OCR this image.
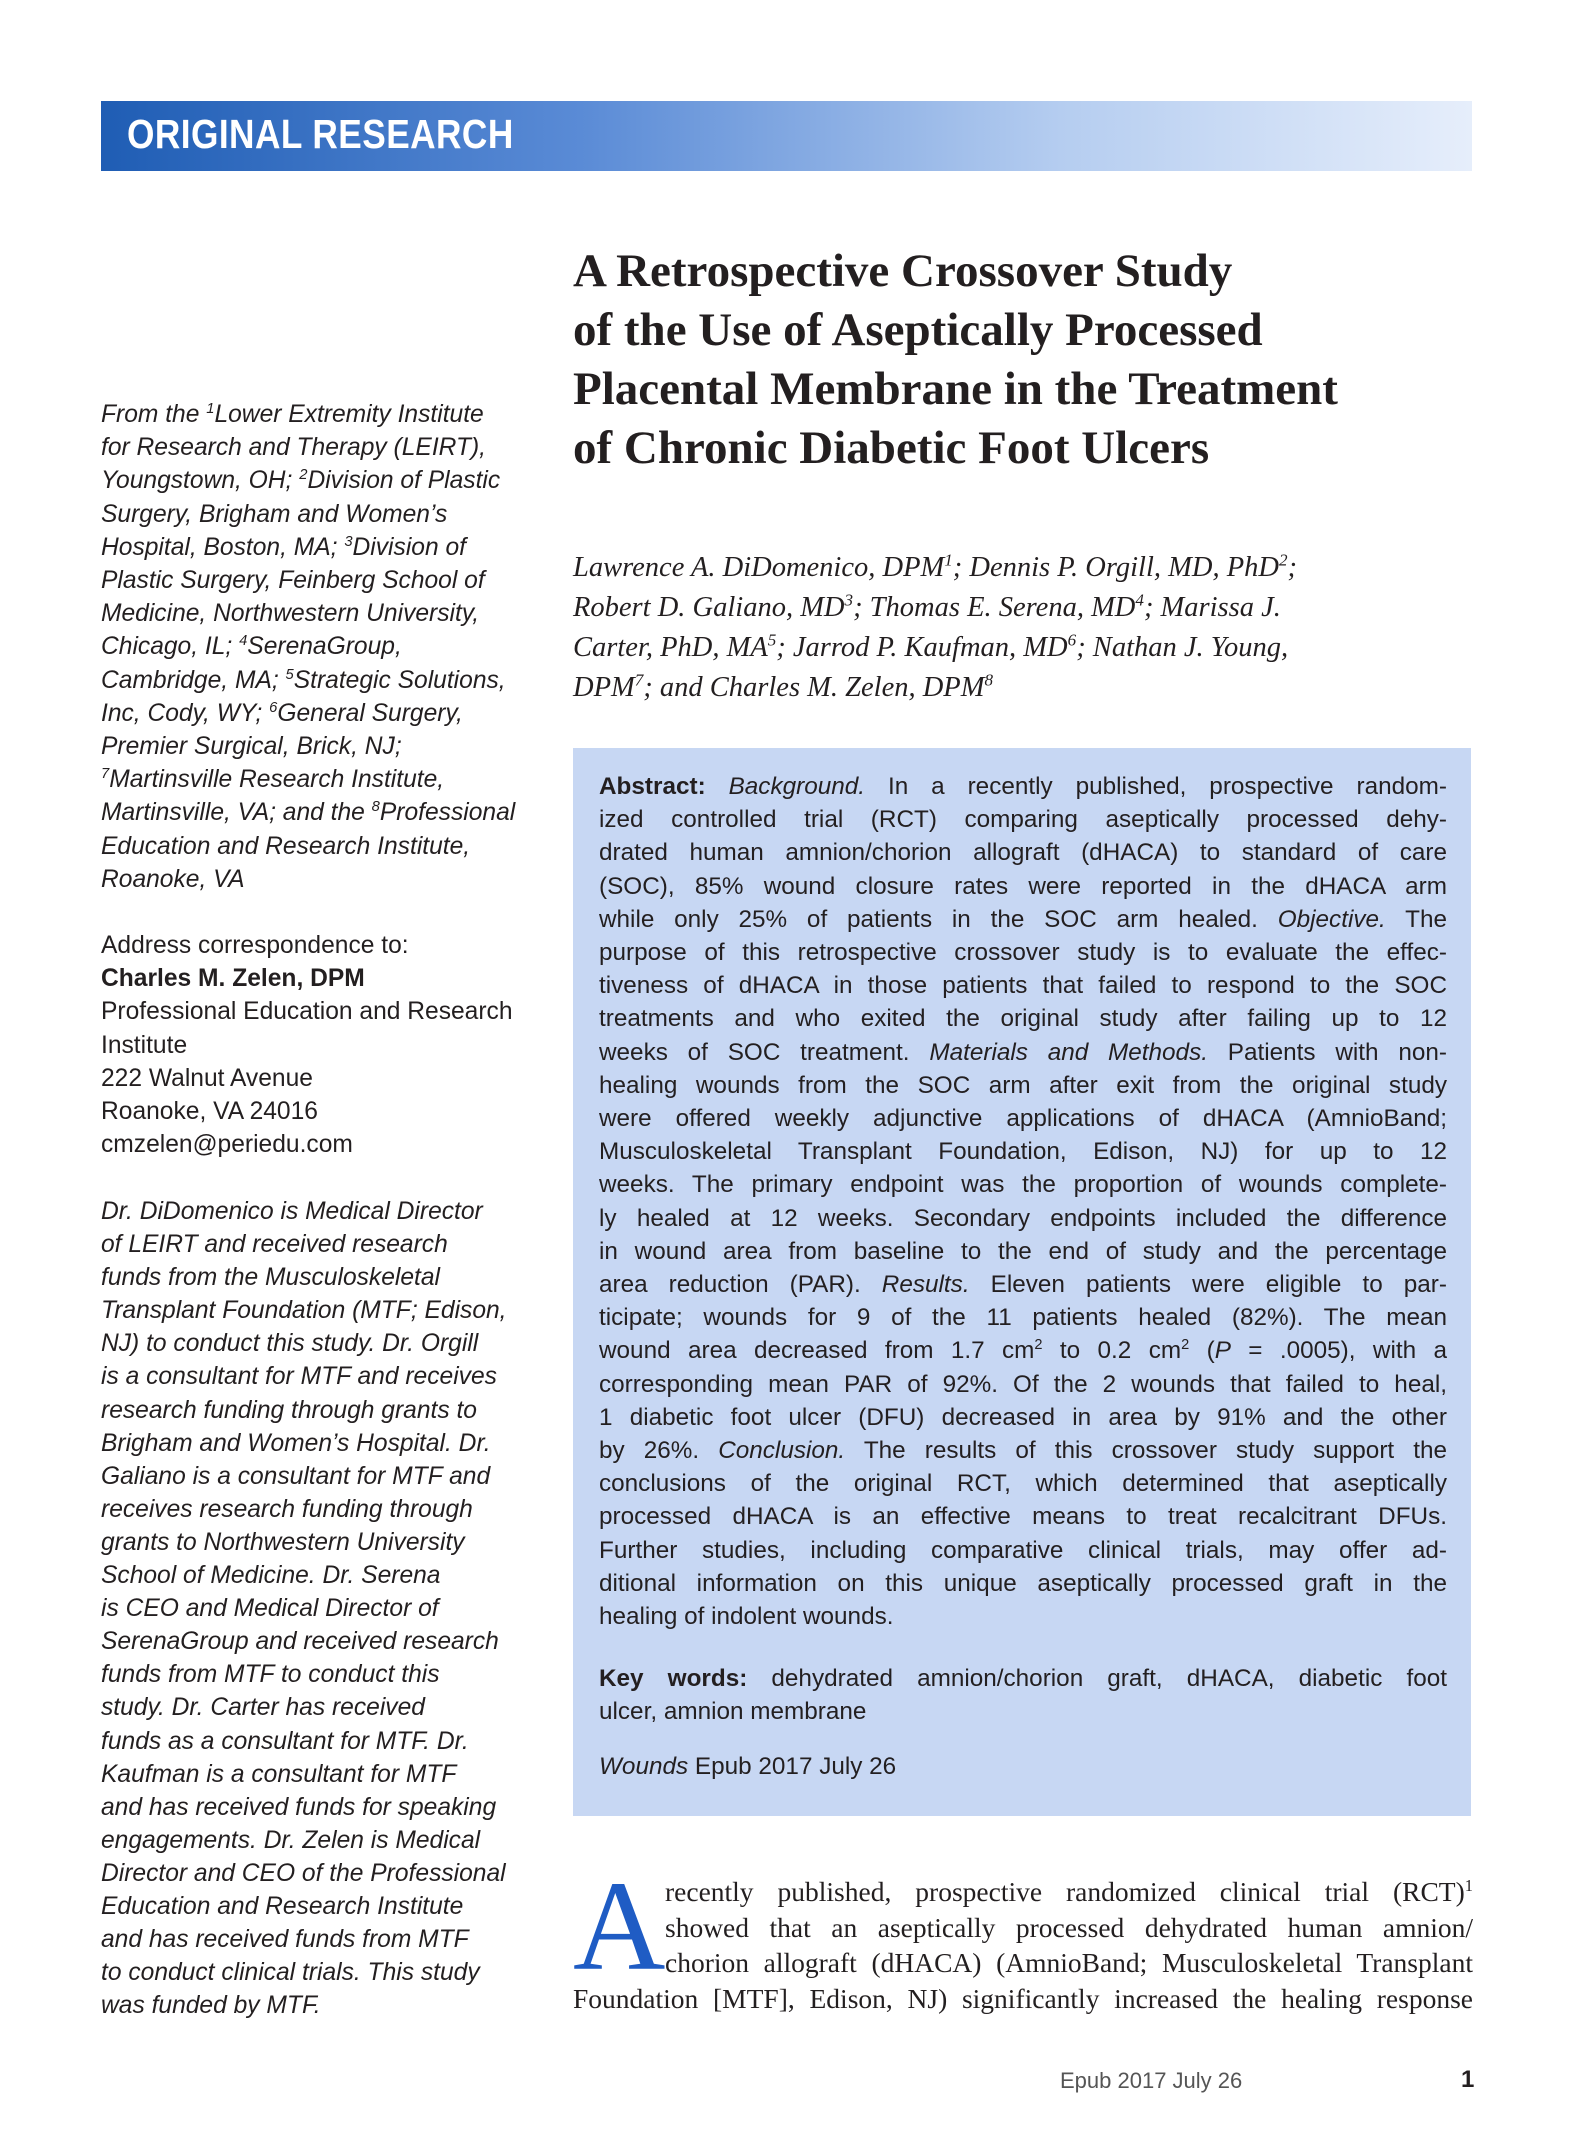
ORIGINAL RESEARCH
A Retrospective Crossover Study
of the Use of Aseptically Processed
Placental Membrane in the Treatment
of Chronic Diabetic Foot Ulcers
Lawrence A. DiDomenico, DPM$^1$; Dennis P. Orgill, MD, PhD$^2$;
Robert D. Galiano, $MD^3$; Thomas E. Serena, $MD^4$; Marissa J.
Carter, PhD, $MA^5$; Jarrod P. Kaufman, $MD^6$; Nathan J. Young,
DPM$^7$; and Charles M. Zelen, DPM$^8$
From the $^1$Lower Extremity Institute
for Research and Therapy (LEIRT),
Youngstown, OH; $^2$Division of Plastic
Surgery, Brigham and Women’s
Hospital, Boston, MA; $^3$Division of
Plastic Surgery, Feinberg School of
Medicine, Northwestern University,
Chicago, IL; $^4$SerenaGroup,
Cambridge, MA; $^5$Strategic Solutions,
Inc, Cody, WY; $^6$General Surgery,
Premier Surgical, Brick, NJ;
$^7$Martinsville Research Institute,
Martinsville, VA; and the $^8$Professional
Education and Research Institute,
Roanoke, VA
Address correspondence to:
Charles M. Zelen, DPM
Professional Education and Research
Institute
222 Walnut Avenue
Roanoke, VA 24016
cmzelen@periedu.com
Dr. DiDomenico is Medical Director
of LEIRT and received research
funds from the Musculoskeletal
Transplant Foundation (MTF; Edison,
NJ) to conduct this study. Dr. Orgill
is a consultant for MTF and receives
research funding through grants to
Brigham and Women’s Hospital. Dr.
Galiano is a consultant for MTF and
receives research funding through
grants to Northwestern University
School of Medicine. Dr. Serena
is CEO and Medical Director of
SerenaGroup and received research
funds from MTF to conduct this
study. Dr. Carter has received
funds as a consultant for MTF. Dr.
Kaufman is a consultant for MTF
and has received funds for speaking
engagements. Dr. Zelen is Medical
Director and CEO of the Professional
Education and Research Institute
and has received funds from MTF
to conduct clinical trials. This study
was funded by MTF.
Abstract: Background. In a recently published, prospective random-
ized controlled trial (RCT) comparing aseptically processed dehy-
drated human amnion/chorion allograft (dHACA) to standard of care
(SOC), 85% wound closure rates were reported in the dHACA arm
while only 25% of patients in the SOC arm healed. Objective. The
purpose of this retrospective crossover study is to evaluate the effec-
tiveness of dHACA in those patients that failed to respond to the SOC
treatments and who exited the original study after failing up to 12
weeks of SOC treatment. Materials and Methods. Patients with non-
healing wounds from the SOC arm after exit from the original study
were offered weekly adjunctive applications of dHACA (AmnioBand;
Musculoskeletal Transplant Foundation, Edison, NJ) for up to 12
weeks. The primary endpoint was the proportion of wounds complete-
ly healed at 12 weeks. Secondary endpoints included the difference
in wound area from baseline to the end of study and the percentage
area reduction (PAR). Results. Eleven patients were eligible to par-
ticipate; wounds for 9 of the 11 patients healed (82%). The mean
wound area decreased from 1.7 $cm^2$ to 0.2 $cm^2$ (P = .0005), with a
corresponding mean PAR of 92%. Of the 2 wounds that failed to heal,
1 diabetic foot ulcer (DFU) decreased in area by 91% and the other
by 26%. Conclusion. The results of this crossover study support the
conclusions of the original RCT, which determined that aseptically
processed dHACA is an effective means to treat recalcitrant DFUs.
Further studies, including comparative clinical trials, may offer ad-
ditional information on this unique aseptically processed graft in the
healing of indolent wounds.
Key words: dehydrated amnion/chorion graft, dHACA, diabetic foot
ulcer, amnion membrane
Wounds Epub 2017 July 26
A recently published, prospective randomized clinical trial (RCT)$^1$
showed that an aseptically processed dehydrated human amnion/
chorion allograft (dHACA) (AmnioBand; Musculoskeletal Transplant
Foundation [MTF], Edison, NJ) significantly increased the healing response
Epub 2017 July 26	1
